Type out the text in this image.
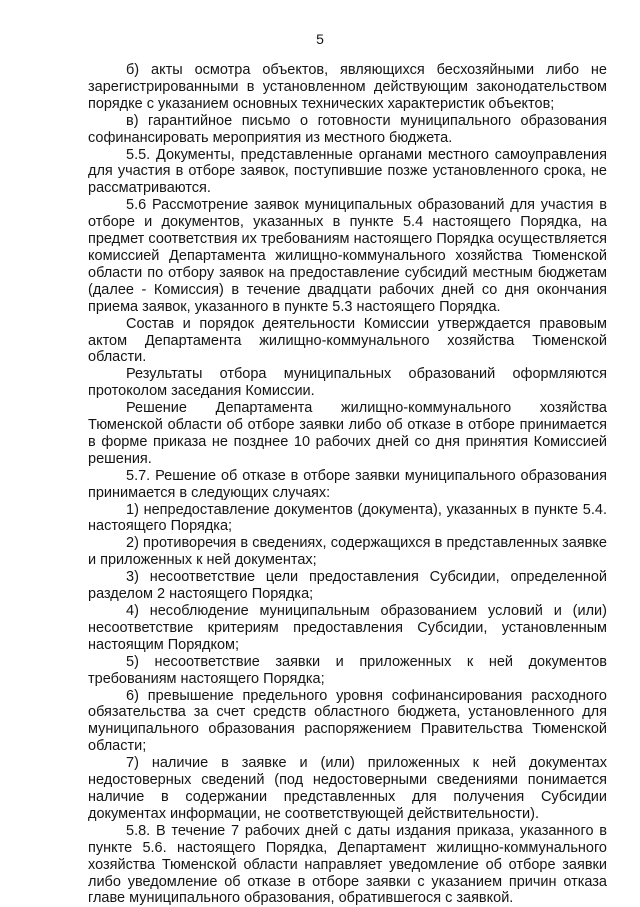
5

б) акты осмотра объектов, являющихся бесхозяйными либо не зарегистрированными в установленном действующим законодательством порядке с указанием основных технических характеристик объектов;

в) гарантийное письмо о готовности муниципального образования софинансировать мероприятия из местного бюджета.

5.5. Документы, представленные органами местного самоуправления для участия в отборе заявок, поступившие позже установленного срока, не рассматриваются.

5.6 Рассмотрение заявок муниципальных образований для участия в отборе и документов, указанных в пункте 5.4 настоящего Порядка, на предмет соответствия их требованиям настоящего Порядка осуществляется комиссией Департамента жилищно-коммунального хозяйства Тюменской области по отбору заявок на предоставление субсидий местным бюджетам (далее - Комиссия) в течение двадцати рабочих дней со дня окончания приема заявок, указанного в пункте 5.3 настоящего Порядка.

Состав и порядок деятельности Комиссии утверждается правовым актом Департамента жилищно-коммунального хозяйства Тюменской области.

Результаты отбора муниципальных образований оформляются протоколом заседания Комиссии.

Решение Департамента жилищно-коммунального хозяйства Тюменской области об отборе заявки либо об отказе в отборе принимается в форме приказа не позднее 10 рабочих дней со дня принятия Комиссией решения.

5.7. Решение об отказе в отборе заявки муниципального образования принимается в следующих случаях:

1) непредоставление документов (документа), указанных в пункте 5.4. настоящего Порядка;

2) противоречия в сведениях, содержащихся в представленных заявке и приложенных к ней документах;

3) несоответствие цели предоставления Субсидии, определенной разделом 2 настоящего Порядка;

4) несоблюдение муниципальным образованием условий и (или) несоответствие критериям предоставления Субсидии, установленным настоящим Порядком;

5) несоответствие заявки и приложенных к ней документов требованиям настоящего Порядка;

6) превышение предельного уровня софинансирования расходного обязательства за счет средств областного бюджета, установленного для муниципального образования распоряжением Правительства Тюменской области;

7) наличие в заявке и (или) приложенных к ней документах недостоверных сведений (под недостоверными сведениями понимается наличие в содержании представленных для получения Субсидии документах информации, не соответствующей действительности).

5.8. В течение 7 рабочих дней с даты издания приказа, указанного в пункте 5.6. настоящего Порядка, Департамент жилищно-коммунального хозяйства Тюменской области направляет уведомление об отборе заявки либо уведомление об отказе в отборе заявки с указанием причин отказа главе муниципального образования, обратившегося с заявкой.
